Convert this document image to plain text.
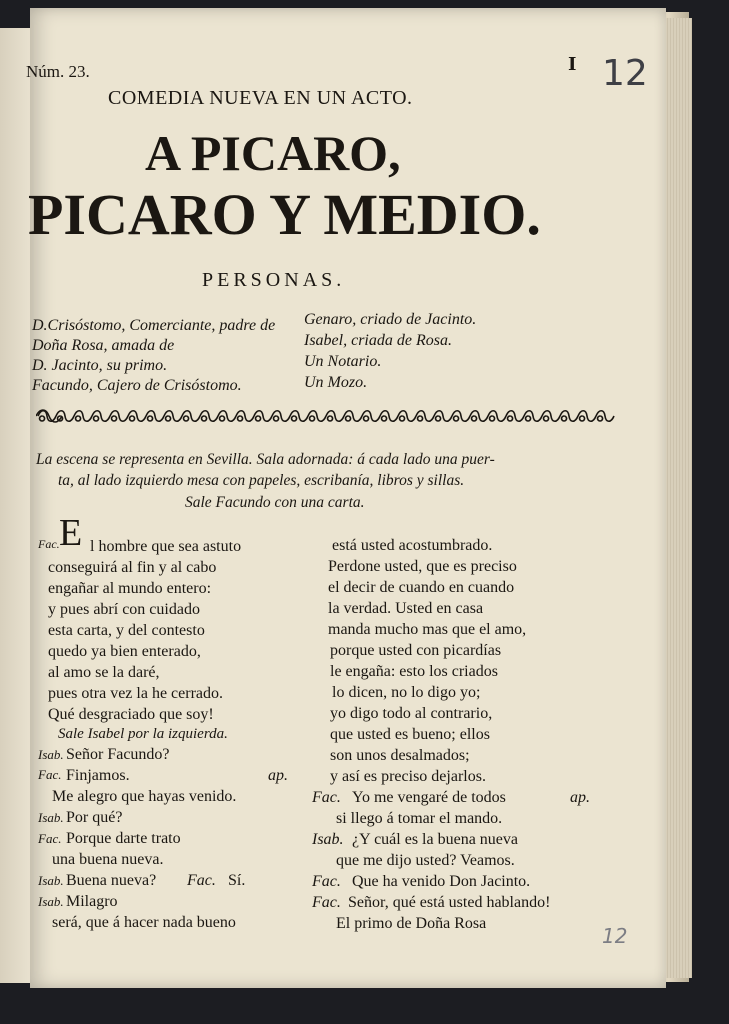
Núm. 23.	I 12
COMEDIA NUEVA EN UN ACTO.
A PICARO,
PICARO Y MEDIO.
PERSONAS.
D.Crisóstomo, Comerciante, padre de
Doña Rosa, amada de
D. Jacinto, su primo.
Facundo, Cajero de Crisóstomo.
Genaro, criado de Jacinto.
Isabel, criada de Rosa.
Un Notario.
Un Mozo.
La escena se representa en Sevilla. Sala adornada: á cada lado una puer-
ta, al lado izquierdo mesa con papeles, escribanía, libros y sillas.
Sale Facundo con una carta.
Fac. E l hombre que sea astuto
conseguirá al fin y al cabo
engañar al mundo entero:
y pues abrí con cuidado
esta carta, y del contesto
quedo ya bien enterado,
al amo se la daré,
pues otra vez la he cerrado.
Qué desgraciado que soy!
Sale Isabel por la izquierda.
Isab. Señor Facundo?
Fac. Finjamos.	ap.
Me alegro que hayas venido.
Isab. Por qué?
Fac. Porque darte trato
una buena nueva.
Isab. Buena nueva? Fac. Sí.
Isab. Milagro
será, que á hacer nada bueno
está usted acostumbrado.
Perdone usted, que es preciso
el decir de cuando en cuando
la verdad. Usted en casa
manda mucho mas que el amo,
porque usted con picardías
le engaña: esto los criados
lo dicen, no lo digo yo;
yo digo todo al contrario,
que usted es bueno; ellos
son unos desalmados;
y así es preciso dejarlos.
Fac. Yo me vengaré de todos	ap.
si llego á tomar el mando.
Isab. ¿Y cuál es la buena nueva
que me dijo usted? Veamos.
Fac. Que ha venido Don Jacinto.
Fac. Señor, qué está usted hablando!
El primo de Doña Rosa
12
